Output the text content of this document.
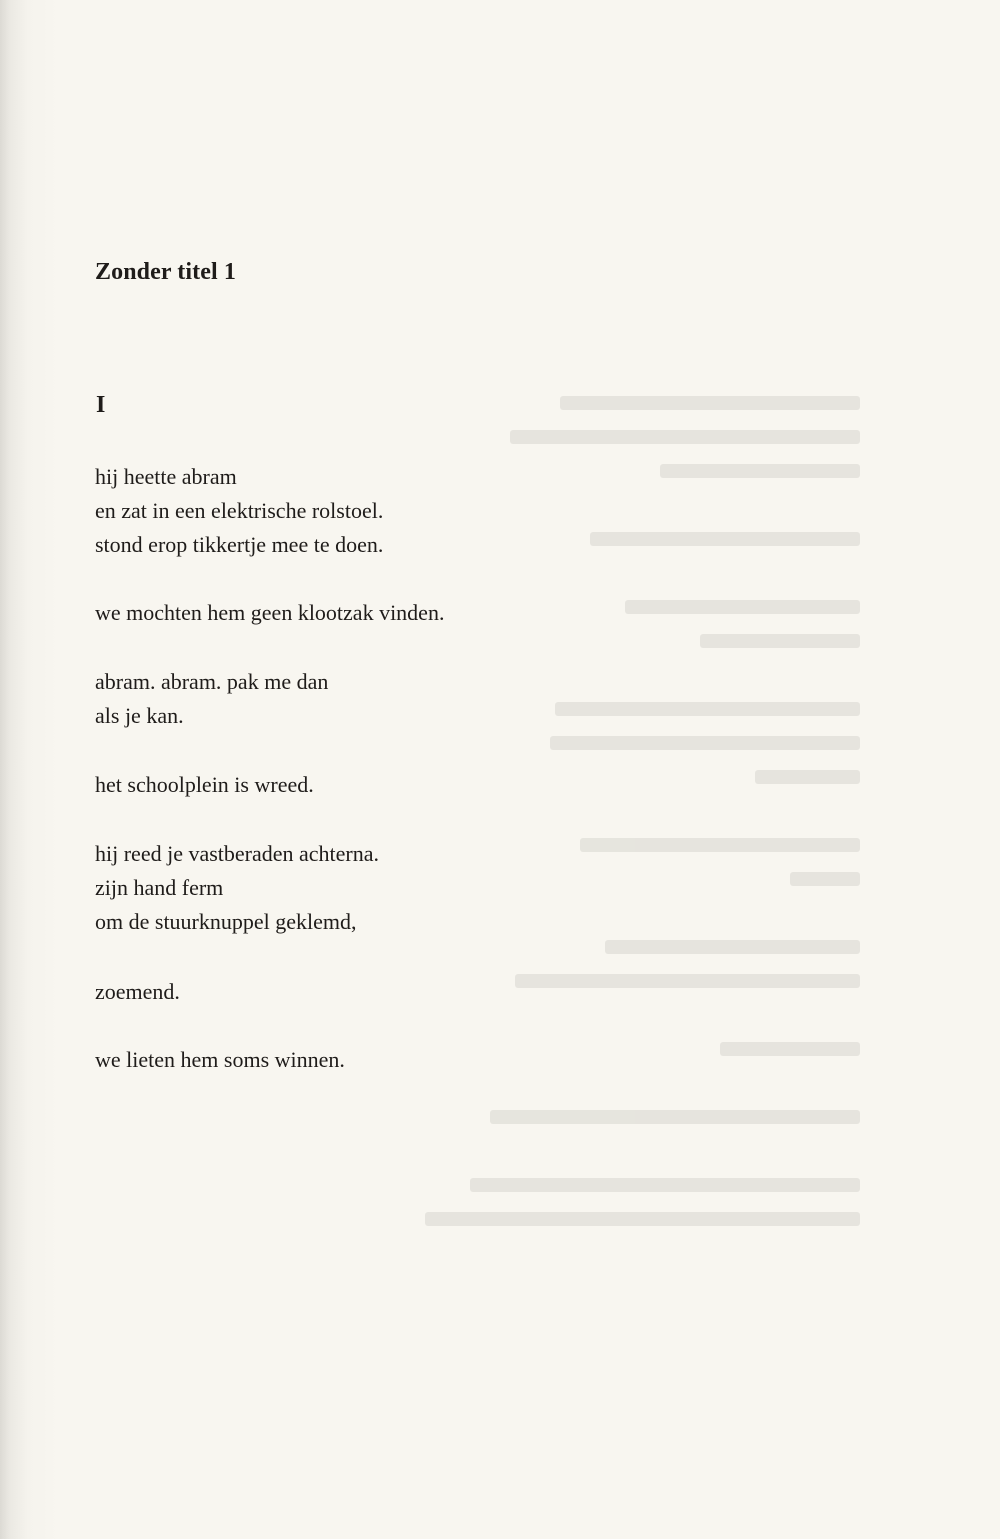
Zonder titel 1
I

hij heette abram
en zat in een elektrische rolstoel.
stond erop tikkertje mee te doen.

we mochten hem geen klootzak vinden.

abram. abram. pak me dan
als je kan.

het schoolplein is wreed.

hij reed je vastberaden achterna.
zijn hand ferm
om de stuurknuppel geklemd,

zoemend.

we lieten hem soms winnen.
